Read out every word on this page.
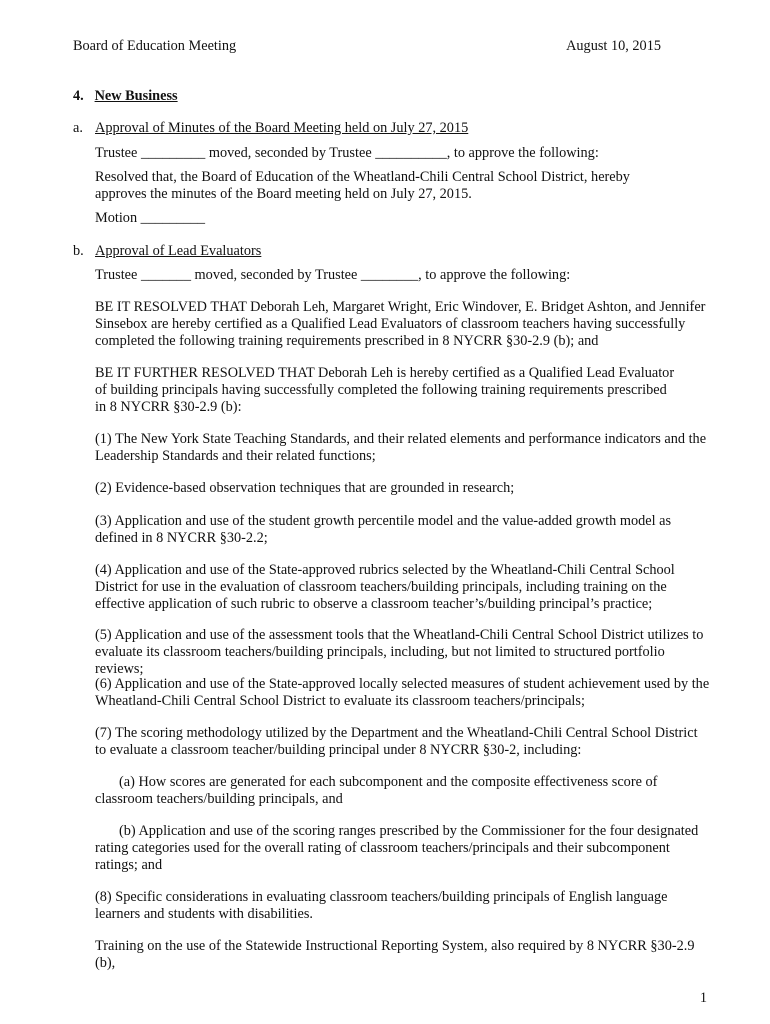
Board of Education Meeting	August 10, 2015
4. New Business
a. Approval of Minutes of the Board Meeting held on July 27, 2015
Trustee _________ moved, seconded by Trustee __________, to approve the following:

Resolved that, the Board of Education of the Wheatland-Chili Central School District, hereby approves the minutes of the Board meeting held on July 27, 2015.

Motion _________
b. Approval of Lead Evaluators
Trustee _______ moved, seconded by Trustee ________, to approve the following:

BE IT RESOLVED THAT Deborah Leh, Margaret Wright, Eric Windover, E. Bridget Ashton, and Jennifer Sinsebox are hereby certified as a Qualified Lead Evaluators of classroom teachers having successfully completed the following training requirements prescribed in 8 NYCRR §30-2.9 (b); and

BE IT FURTHER RESOLVED THAT Deborah Leh is hereby certified as a Qualified Lead Evaluator of building principals having successfully completed the following training requirements prescribed in 8 NYCRR §30-2.9 (b):

(1) The New York State Teaching Standards, and their related elements and performance indicators and the Leadership Standards and their related functions;

(2) Evidence-based observation techniques that are grounded in research;

(3) Application and use of the student growth percentile model and the value-added growth model as defined in 8 NYCRR §30-2.2;

(4) Application and use of the State-approved rubrics selected by the Wheatland-Chili Central School District for use in the evaluation of classroom teachers/building principals, including training on the effective application of such rubric to observe a classroom teacher’s/building principal’s practice;

(5) Application and use of the assessment tools that the Wheatland-Chili Central School District utilizes to evaluate its classroom teachers/building principals, including, but not limited to structured portfolio reviews;

(6) Application and use of the State-approved locally selected measures of student achievement used by the Wheatland-Chili Central School District to evaluate its classroom teachers/principals;

(7) The scoring methodology utilized by the Department and the Wheatland-Chili Central School District to evaluate a classroom teacher/building principal under 8 NYCRR §30-2, including:

(a) How scores are generated for each subcomponent and the composite effectiveness score of classroom teachers/building principals, and

(b) Application and use of the scoring ranges prescribed by the Commissioner for the four designated rating categories used for the overall rating of classroom teachers/principals and their subcomponent ratings; and

(8) Specific considerations in evaluating classroom teachers/building principals of English language learners and students with disabilities.

Training on the use of the Statewide Instructional Reporting System, also required by 8 NYCRR §30-2.9 (b),

1
